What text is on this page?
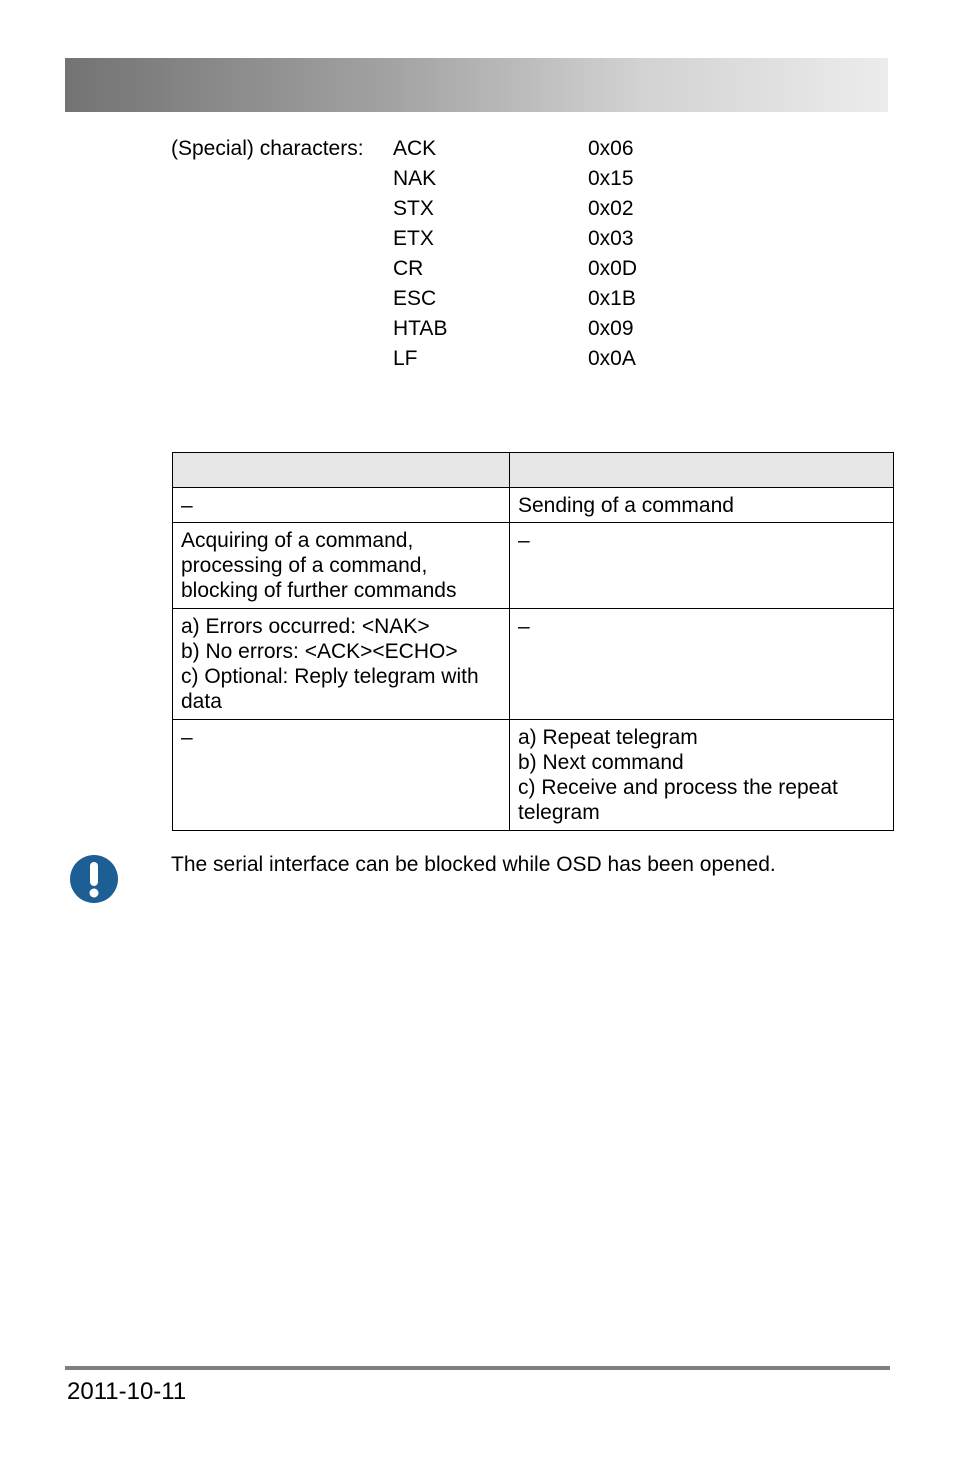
(Special) characters: ACK	0x06
NAK	0x15
STX	0x02
ETX	0x03
CR	0x0D
ESC	0x1B
HTAB	0x09
LF	0x0A

–	Sending of a command
Acquiring of a command,
processing of a command,
blocking of further commands	–
a) Errors occurred: <NAK>
b) No errors: <ACK><ECHO>
c) Optional: Reply telegram with
data	–
–	a) Repeat telegram
b) Next command
c) Receive and process the repeat
telegram
The serial interface can be blocked while OSD has been opened.
2011-10-11
